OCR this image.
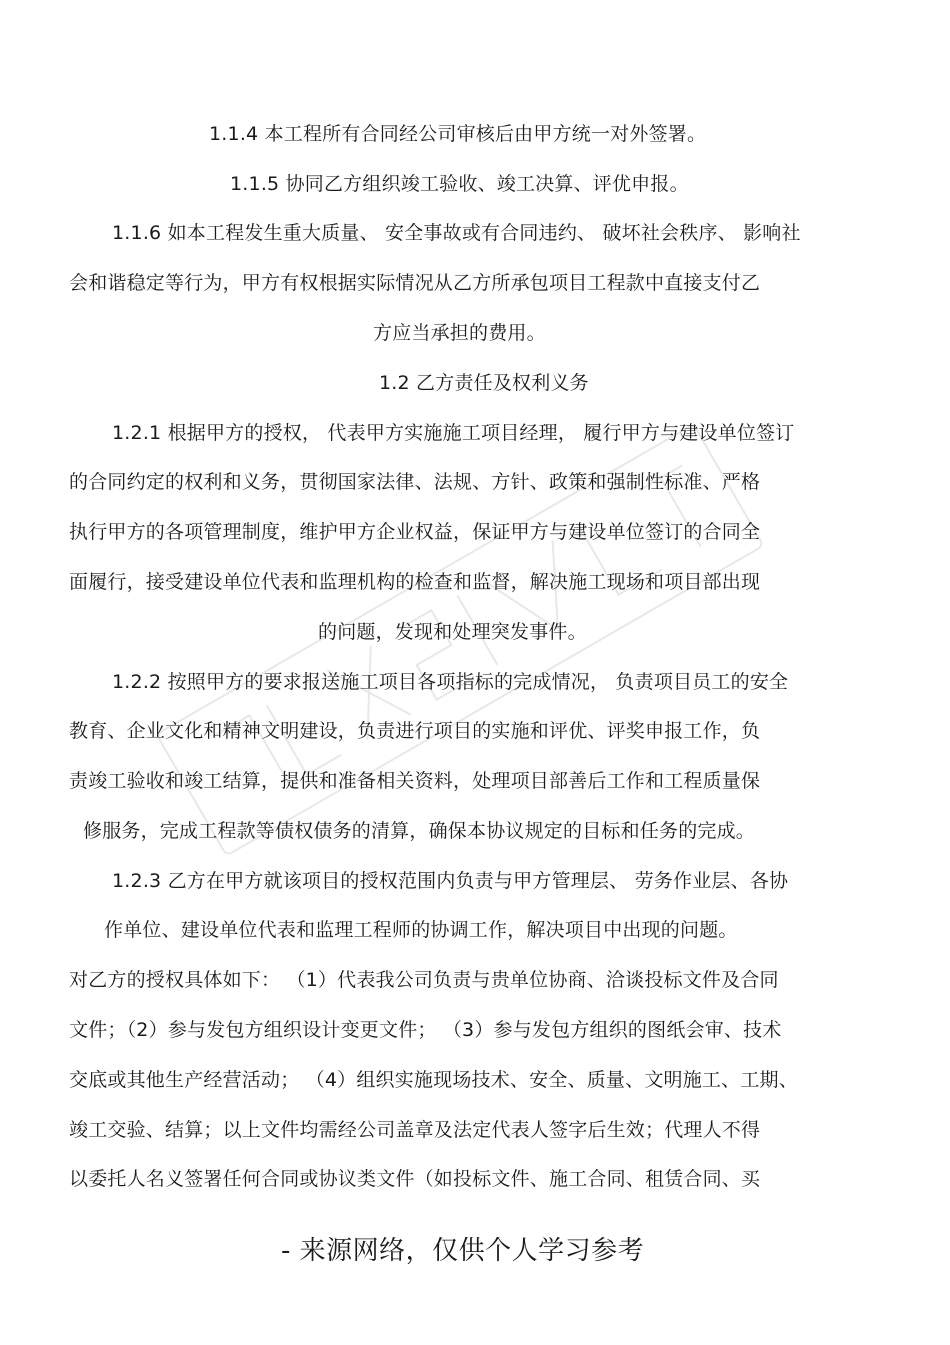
1.1.4 本工程所有合同经公司审核后由甲方统一对外签署。
1.1.5 协同乙方组织竣工验收、竣工决算、评优申报。
1.1.6 如本工程发生重大质量、 安全事故或有合同违约、 破坏社会秩序、 影响社
会和谐稳定等行为，甲方有权根据实际情况从乙方所承包项目工程款中直接支付乙
方应当承担的费用。
1.2 乙方责任及权利义务
1.2.1 根据甲方的授权， 代表甲方实施施工项目经理， 履行甲方与建设单位签订
的合同约定的权利和义务，贯彻国家法律、法规、方针、政策和强制性标准、严格
执行甲方的各项管理制度，维护甲方企业权益，保证甲方与建设单位签订的合同全
面履行，接受建设单位代表和监理机构的检查和监督，解决施工现场和项目部出现
的问题，发现和处理突发事件。
1.2.2 按照甲方的要求报送施工项目各项指标的完成情况， 负责项目员工的安全
教育、企业文化和精神文明建设，负责进行项目的实施和评优、评奖申报工作，负
责竣工验收和竣工结算，提供和准备相关资料，处理项目部善后工作和工程质量保
修服务，完成工程款等债权债务的清算，确保本协议规定的目标和任务的完成。
1.2.3 乙方在甲方就该项目的授权范围内负责与甲方管理层、 劳务作业层、各协
作单位、建设单位代表和监理工程师的协调工作，解决项目中出现的问题。
对乙方的授权具体如下： （1）代表我公司负责与贵单位协商、洽谈投标文件及合同
文件；（2）参与发包方组织设计变更文件； （3）参与发包方组织的图纸会审、技术
交底或其他生产经营活动； （4）组织实施现场技术、安全、质量、文明施工、工期、
竣工交验、结算；以上文件均需经公司盖章及法定代表人签字后生效；代理人不得
以委托人名义签署任何合同或协议类文件（如投标文件、施工合同、租赁合同、买
- 来源网络，仅供个人学习参考
